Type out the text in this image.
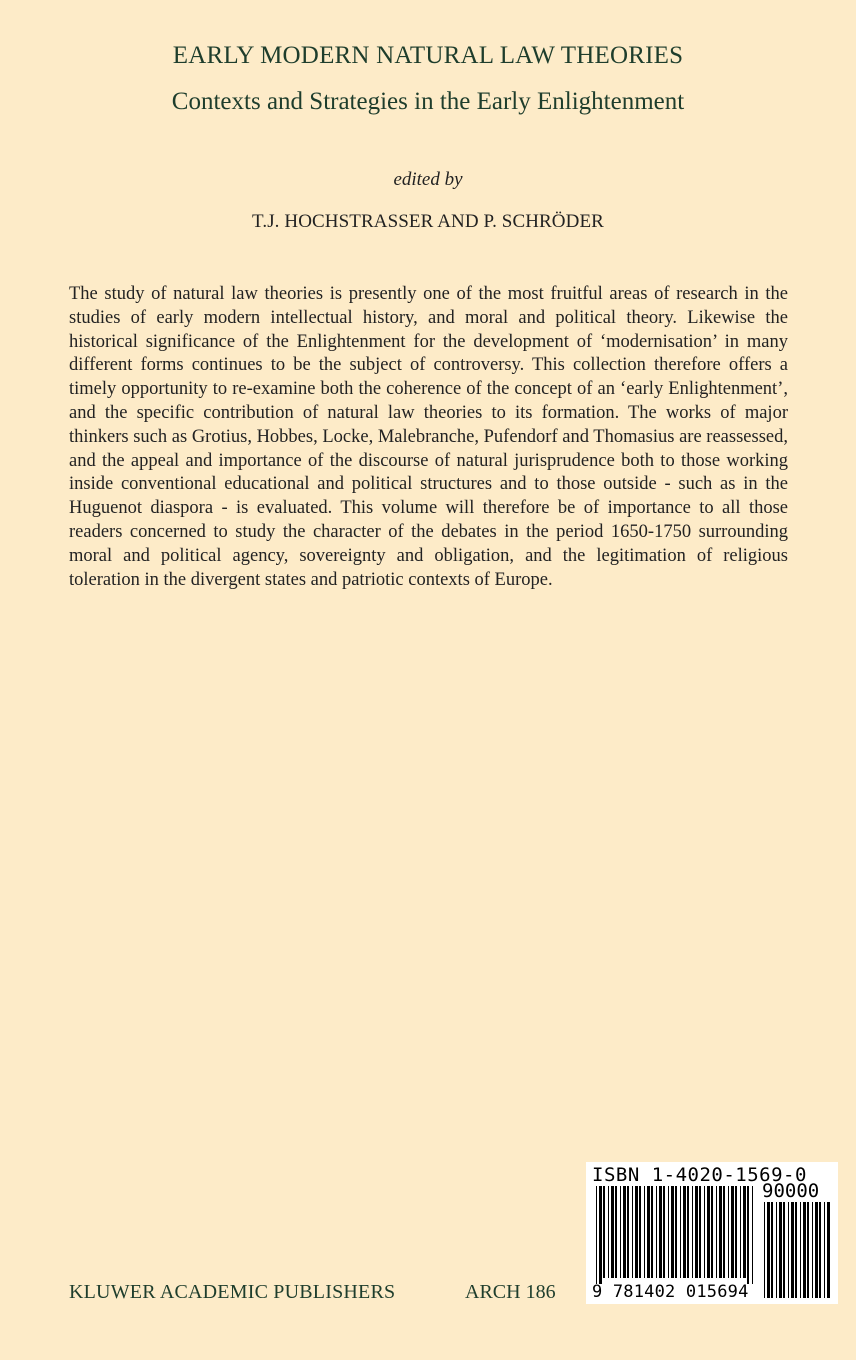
EARLY MODERN NATURAL LAW THEORIES
Contexts and Strategies in the Early Enlightenment
edited by
T.J. HOCHSTRASSER AND P. SCHRÖDER

The study of natural law theories is presently one of the most fruitful areas of research in the studies of early modern intellectual history, and moral and political theory. Likewise the historical significance of the Enlightenment for the development of ‘modernisation’ in many different forms continues to be the subject of controversy. This collection therefore offers a timely opportunity to re-examine both the coherence of the concept of an ‘early Enlightenment’, and the specific contribution of natural law theories to its formation. The works of major thinkers such as Grotius, Hobbes, Locke, Malebranche, Pufendorf and Thomasius are reassessed, and the appeal and importance of the discourse of natural jurisprudence both to those working inside conventional educational and political structures and to those outside - such as in the Huguenot diaspora - is evaluated. This volume will therefore be of importance to all those readers concerned to study the character of the debates in the period 1650-1750 surrounding moral and political agency, sovereignty and obligation, and the legitimation of religious toleration in the divergent states and patriotic contexts of Europe.

KLUWER ACADEMIC PUBLISHERS	ARCH 186
ISBN 1-4020-1569-0
90000
9 781402 015694
